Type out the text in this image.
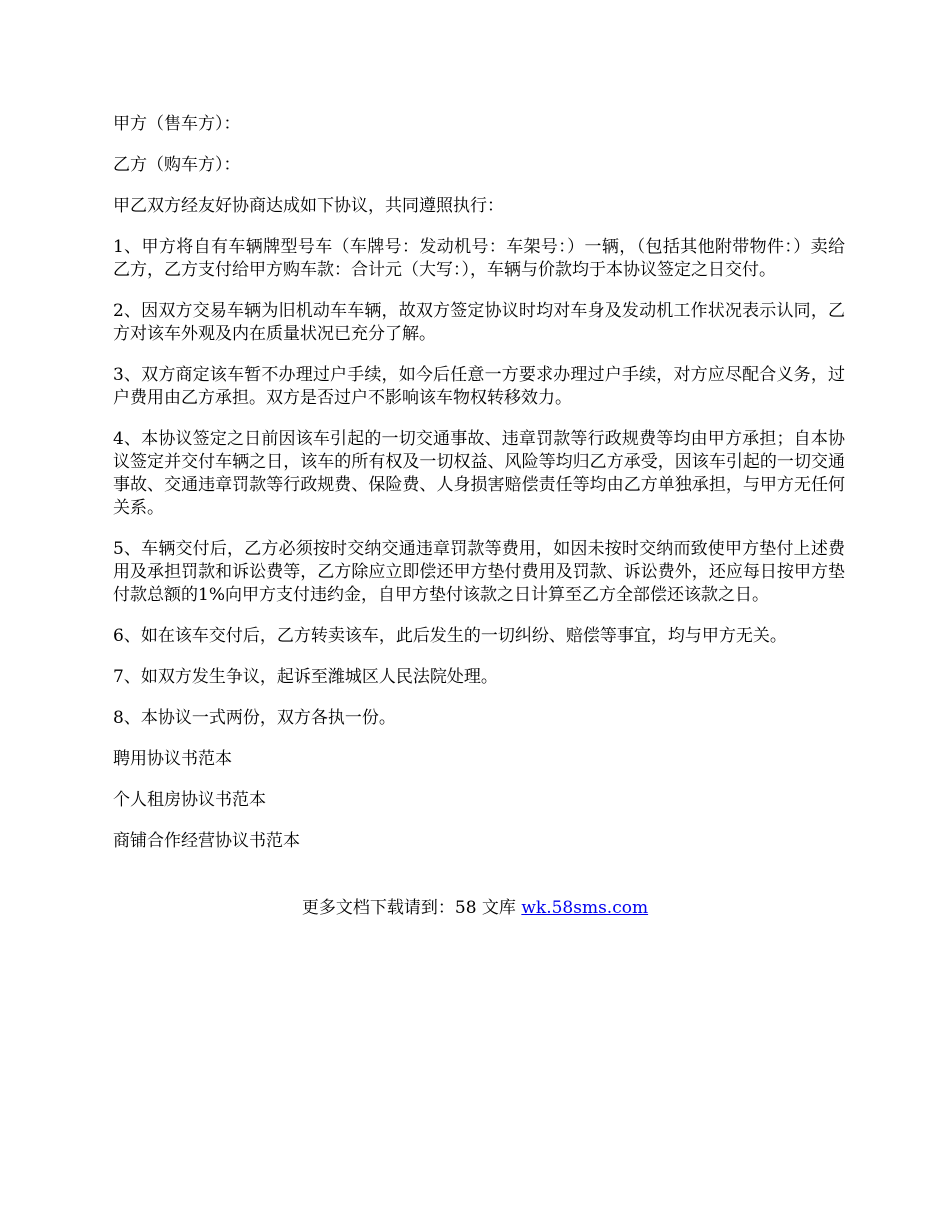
甲方（售车方）：

乙方（购车方）：

甲乙双方经友好协商达成如下协议，共同遵照执行：

1、甲方将自有车辆牌型号车（车牌号：发动机号：车架号：）一辆，（包括其他附带物件：）卖给乙方，乙方支付给甲方购车款：合计元（大写：），车辆与价款均于本协议签定之日交付。

2、因双方交易车辆为旧机动车车辆，故双方签定协议时均对车身及发动机工作状况表示认同，乙方对该车外观及内在质量状况已充分了解。

3、双方商定该车暂不办理过户手续，如今后任意一方要求办理过户手续，对方应尽配合义务，过户费用由乙方承担。双方是否过户不影响该车物权转移效力。

4、本协议签定之日前因该车引起的一切交通事故、违章罚款等行政规费等均由甲方承担；自本协议签定并交付车辆之日，该车的所有权及一切权益、风险等均归乙方承受，因该车引起的一切交通事故、交通违章罚款等行政规费、保险费、人身损害赔偿责任等均由乙方单独承担，与甲方无任何关系。

5、车辆交付后，乙方必须按时交纳交通违章罚款等费用，如因未按时交纳而致使甲方垫付上述费用及承担罚款和诉讼费等，乙方除应立即偿还甲方垫付费用及罚款、诉讼费外，还应每日按甲方垫付款总额的1%向甲方支付违约金，自甲方垫付该款之日计算至乙方全部偿还该款之日。

6、如在该车交付后，乙方转卖该车，此后发生的一切纠纷、赔偿等事宜，均与甲方无关。

7、如双方发生争议，起诉至潍城区人民法院处理。

8、本协议一式两份，双方各执一份。

聘用协议书范本

个人租房协议书范本

商铺合作经营协议书范本

更多文档下载请到：58 文库 wk.58sms.com
